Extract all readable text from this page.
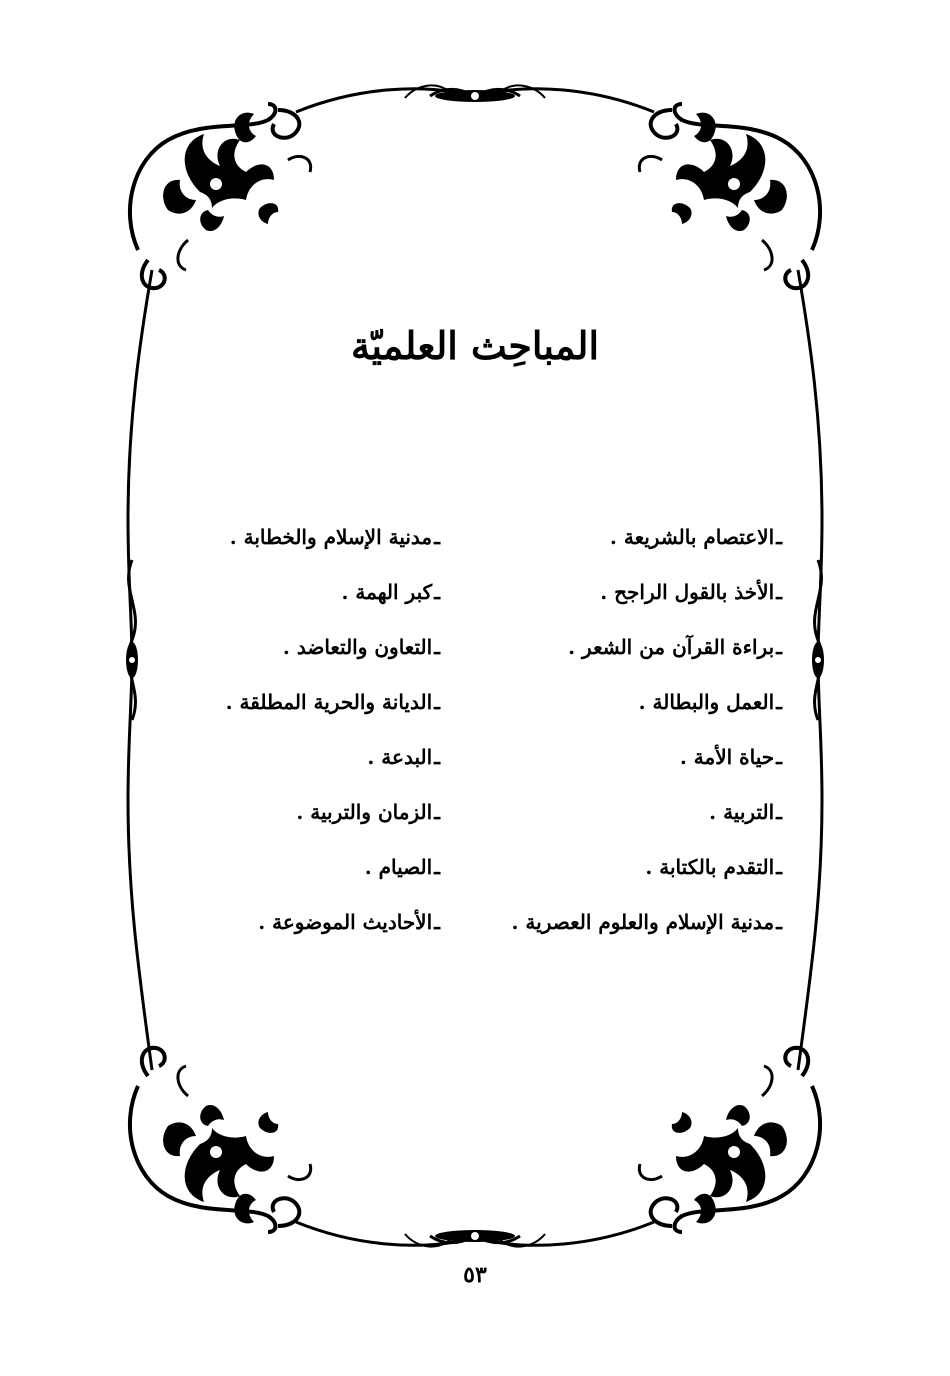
المباحِث العلميّة
ـالاعتصام بالشريعة .
ـالأخذ بالقول الراجح .
ـبراءة القرآن من الشعر .
ـالعمل والبطالة .
ـحياة الأمة .
ـالتربية .
ـالتقدم بالكتابة .
ـمدنية الإسلام والعلوم العصرية .
ـمدنية الإسلام والخطابة .
ـكبر الهمة .
ـالتعاون والتعاضد .
ـالديانة والحرية المطلقة .
ـالبدعة .
ـالزمان والتربية .
ـالصيام .
ـالأحاديث الموضوعة .
٥٣
